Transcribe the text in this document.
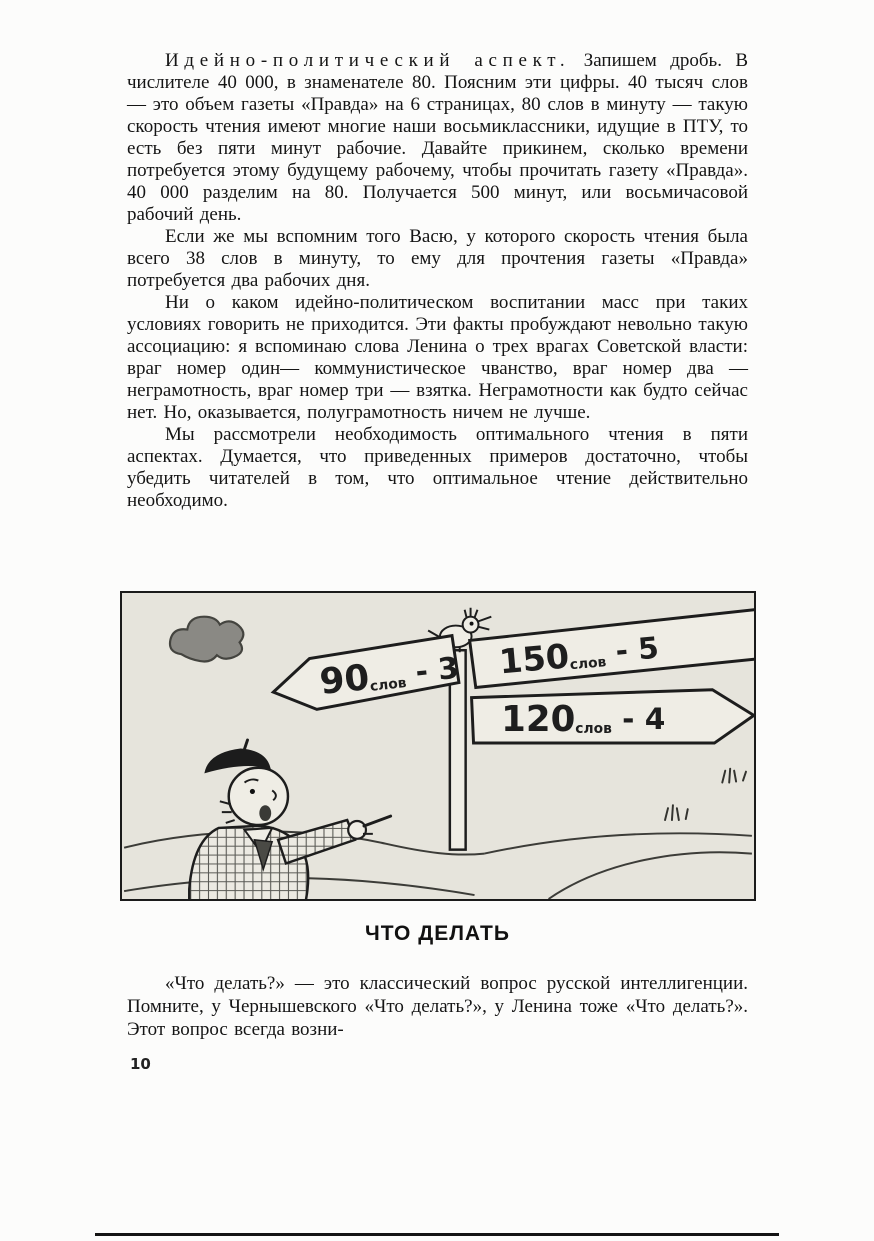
Идейно-политический аспект. Запишем дробь. В числителе 40 000, в знаменателе 80. Поясним эти цифры. 40 тысяч слов — это объем газеты «Правда» на 6 страницах, 80 слов в минуту — такую скорость чтения имеют многие наши восьмиклассники, идущие в ПТУ, то есть без пяти минут рабочие. Давайте прикинем, сколько времени потребуется этому будущему рабочему, чтобы прочитать газету «Правда». 40 000 разделим на 80. Получается 500 минут, или восьмичасовой рабочий день.

Если же мы вспомним того Васю, у которого скорость чтения была всего 38 слов в минуту, то ему для прочтения газеты «Правда» потребуется два рабочих дня.

Ни о каком идейно-политическом воспитании масс при таких условиях говорить не приходится. Эти факты пробуждают невольно такую ассоциацию: я вспоминаю слова Ленина о трех врагах Советской власти: враг номер один— коммунистическое чванство, враг номер два — неграмотность, враг номер три — взятка. Неграмотности как будто сейчас нет. Но, оказывается, полуграмотность ничем не лучше.

Мы рассмотрели необходимость оптимального чтения в пяти аспектах. Думается, что приведенных примеров достаточно, чтобы убедить читателей в том, что оптимальное чтение действительно необходимо.

90слов - 3 150слов - 5
120слов - 4
ЧТО ДЕЛАТЬ

«Что делать?» — это классический вопрос русской интеллигенции. Помните, у Чернышевского «Что делать?», у Ленина тоже «Что делать?». Этот вопрос всегда возни-

10
